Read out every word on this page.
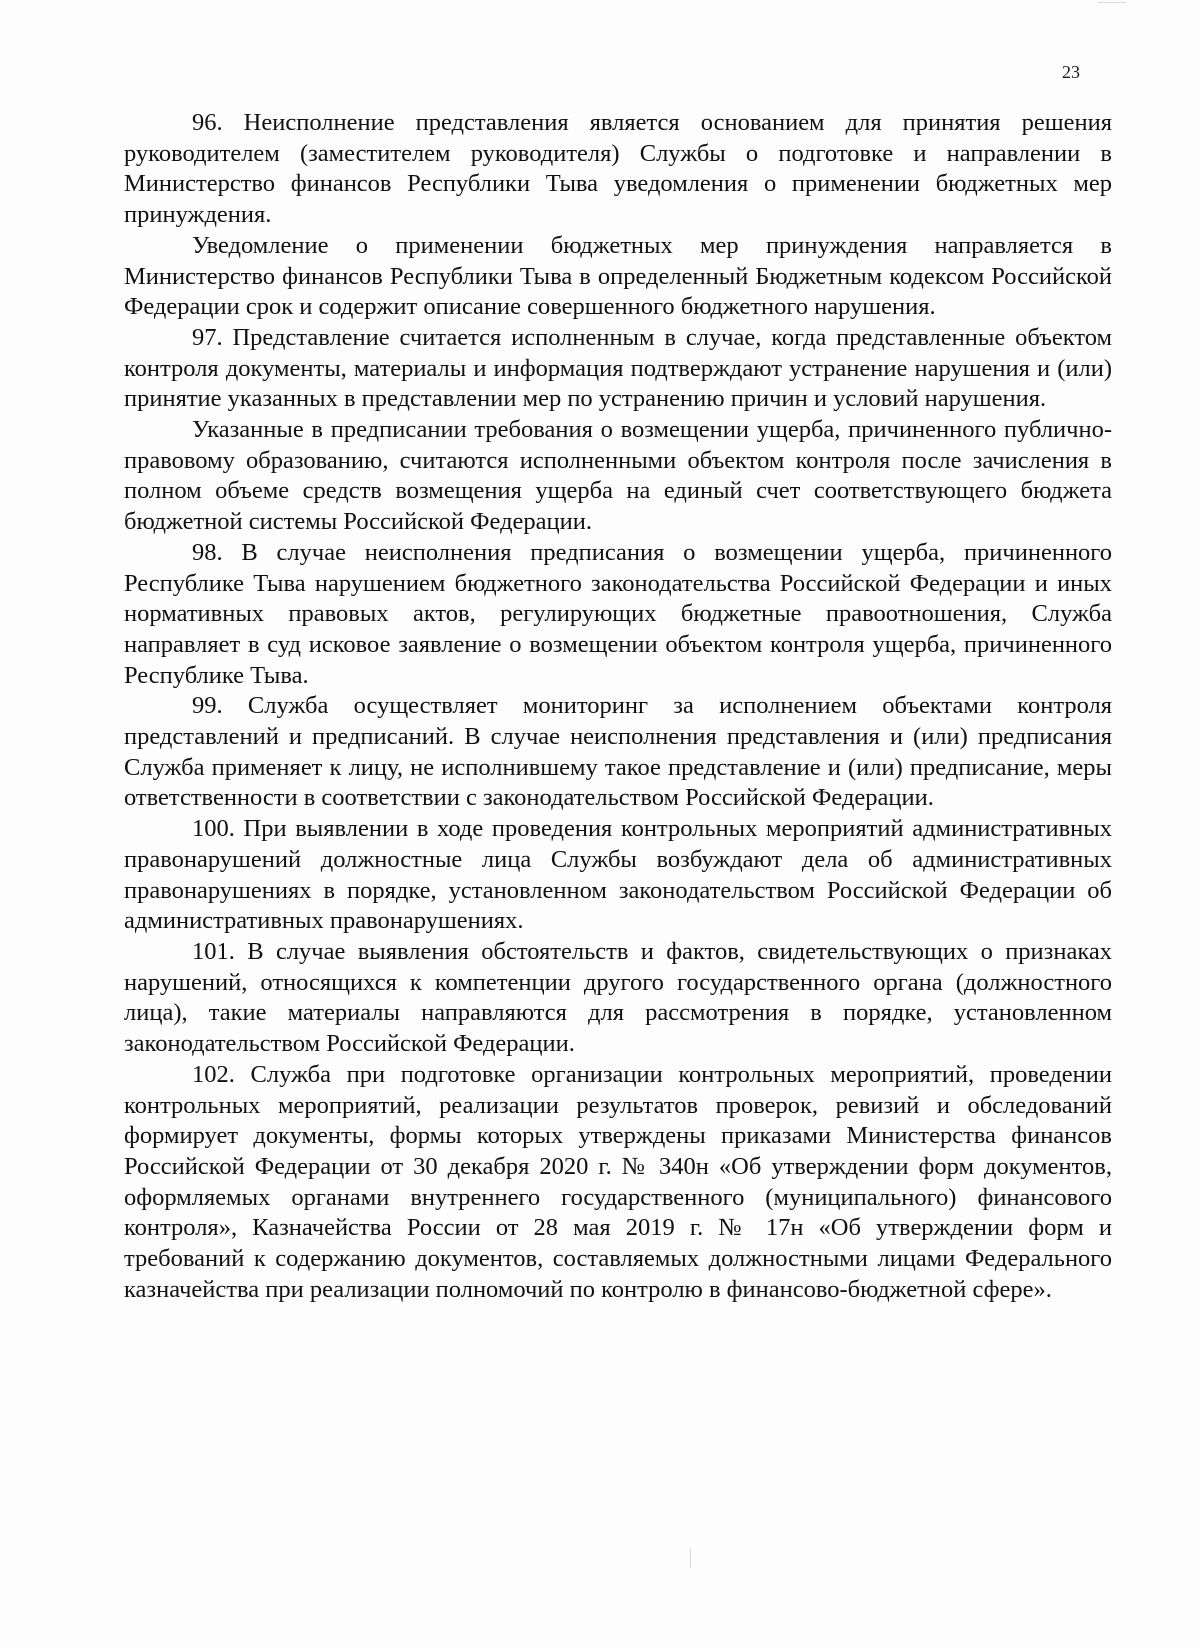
23

96. Неисполнение представления является основанием для принятия решения руководителем (заместителем руководителя) Службы о подготовке и направлении в Министерство финансов Республики Тыва уведомления о применении бюджетных мер принуждения.

Уведомление о применении бюджетных мер принуждения направляется в Министерство финансов Республики Тыва в определенный Бюджетным кодексом Российской Федерации срок и содержит описание совершенного бюджетного нарушения.

97. Представление считается исполненным в случае, когда представленные объектом контроля документы, материалы и информация подтверждают устранение нарушения и (или) принятие указанных в представлении мер по устранению причин и условий нарушения.

Указанные в предписании требования о возмещении ущерба, причиненного публично-правовому образованию, считаются исполненными объектом контроля после зачисления в полном объеме средств возмещения ущерба на единый счет соответствующего бюджета бюджетной системы Российской Федерации.

98. В случае неисполнения предписания о возмещении ущерба, причиненного Республике Тыва нарушением бюджетного законодательства Российской Федерации и иных нормативных правовых актов, регулирующих бюджетные правоотношения, Служба направляет в суд исковое заявление о возмещении объектом контроля ущерба, причиненного Республике Тыва.

99. Служба осуществляет мониторинг за исполнением объектами контроля представлений и предписаний. В случае неисполнения представления и (или) предписания Служба применяет к лицу, не исполнившему такое представление и (или) предписание, меры ответственности в соответствии с законодательством Российской Федерации.

100. При выявлении в ходе проведения контрольных мероприятий административных правонарушений должностные лица Службы возбуждают дела об административных правонарушениях в порядке, установленном законодательством Российской Федерации об административных правонарушениях.

101. В случае выявления обстоятельств и фактов, свидетельствующих о признаках нарушений, относящихся к компетенции другого государственного органа (должностного лица), такие материалы направляются для рассмотрения в порядке, установленном законодательством Российской Федерации.

102. Служба при подготовке организации контрольных мероприятий, проведении контрольных мероприятий, реализации результатов проверок, ревизий и обследований формирует документы, формы которых утверждены приказами Министерства финансов Российской Федерации от 30 декабря 2020 г. № 340н «Об утверждении форм документов, оформляемых органами внутреннего государственного (муниципального) финансового контроля», Казначейства России от 28 мая 2019 г. № 17н «Об утверждении форм и требований к содержанию документов, составляемых должностными лицами Федерального казначейства при реализации полномочий по контролю в финансово-бюджетной сфере».
